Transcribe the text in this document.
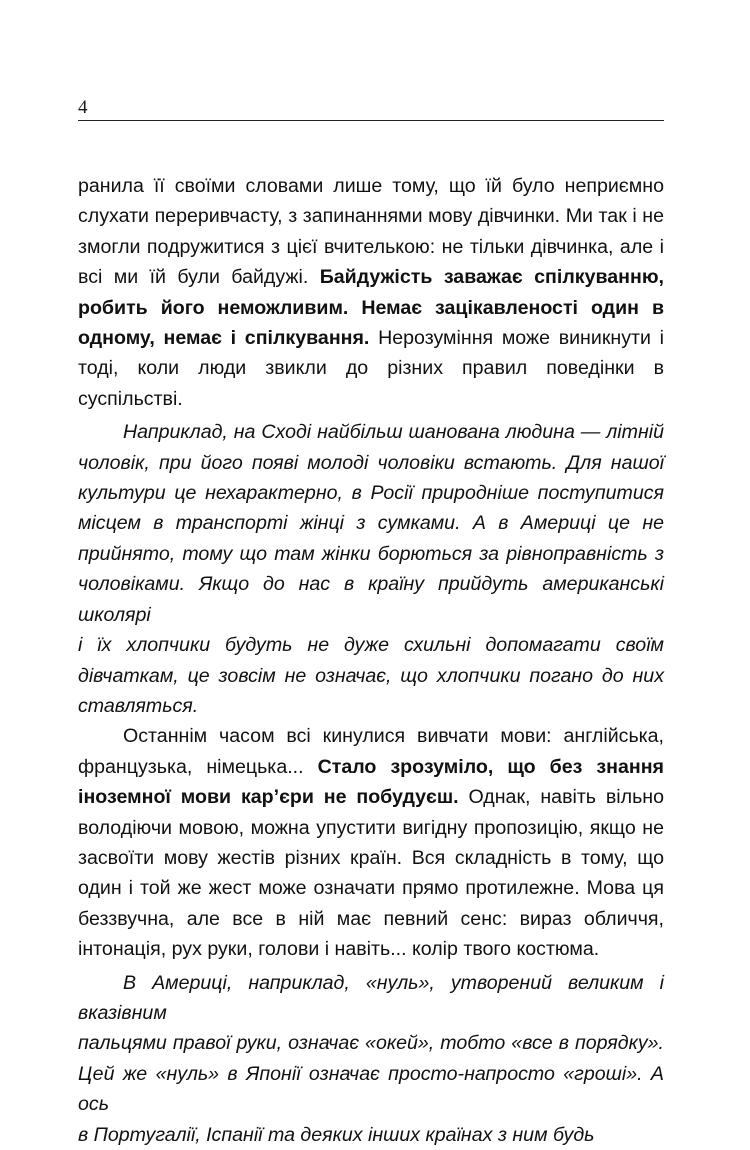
4

ранила її своїми словами лише тому, що їй було неприємно
слухати переривчасту, з запинаннями мову дівчинки. Ми так і не
змогли подружитися з цієї вчителькою: не тільки дівчинка, але і
всі ми їй були байдужі. Байдужість заважає спілкуванню,
робить його неможливим. Немає зацікавленості один в
одному, немає і спілкування. Нерозуміння може виникнути і
тоді, коли люди звикли до різних правил поведінки в суспільстві.

Наприклад, на Сході найбільш шанована людина — літній
чоловік, при його появі молоді чоловіки встають. Для нашої
культури це нехарактерно, в Росії природніше поступитися
місцем в транспорті жінці з сумками. А в Америці це не
прийнято, тому що там жінки борються за рівноправність з
чоловіками. Якщо до нас в країну прийдуть американські школярі
і їх хлопчики будуть не дуже схильні допомагати своїм
дівчаткам, це зовсім не означає, що хлопчики погано до них
ставляться.

Останнім часом всі кинулися вивчати мови: англійська,
французька, німецька... Стало зрозуміло, що без знання
іноземної мови кар’єри не побудуєш. Однак, навіть вільно
володіючи мовою, можна упустити вигідну пропозицію, якщо не
засвоїти мову жестів різних країн. Вся складність в тому, що
один і той же жест може означати прямо протилежне. Мова ця
беззвучна, але все в ній має певний сенс: вираз обличчя,
інтонація, рух руки, голови і навіть... колір твого костюма.

В Америці, наприклад, «нуль», утворений великим і вказівним
пальцями правої руки, означає «окей», тобто «все в порядку».
Цей же «нуль» в Японії означає просто-напросто «гроші». А ось
в Португалії, Іспанії та деяких інших країнах з ним будь
